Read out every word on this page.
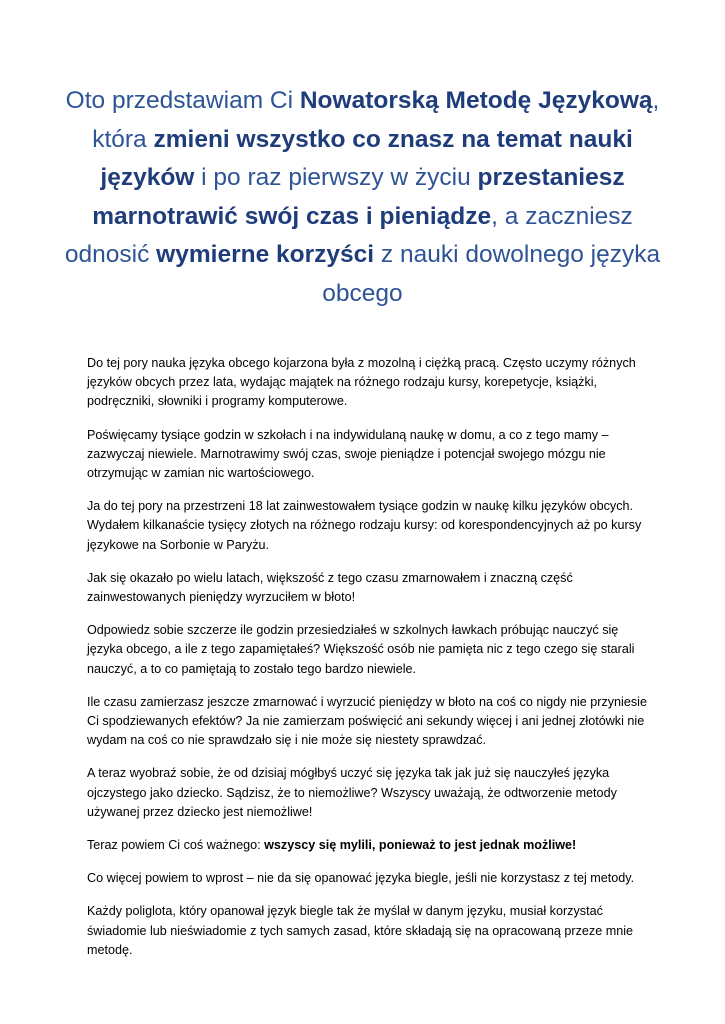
Oto przedstawiam Ci Nowatorską Metodę Językową, która zmieni wszystko co znasz na temat nauki języków i po raz pierwszy w życiu przestaniesz marnotrawić swój czas i pieniądze, a zaczniesz odnosić wymierne korzyści z nauki dowolnego języka obcego

Do tej pory nauka języka obcego kojarzona była z mozolną i ciężką pracą. Często uczymy różnych języków obcych przez lata, wydając majątek na różnego rodzaju kursy, korepetycje, książki, podręczniki, słowniki i programy komputerowe.

Poświęcamy tysiące godzin w szkołach i na indywidulaną naukę w domu, a co z tego mamy – zazwyczaj niewiele. Marnotrawimy swój czas, swoje pieniądze i potencjał swojego mózgu nie otrzymując w zamian nic wartościowego.

Ja do tej pory na przestrzeni 18 lat zainwestowałem tysiące godzin w naukę kilku języków obcych. Wydałem kilkanaście tysięcy złotych na różnego rodzaju kursy: od korespondencyjnych aż po kursy językowe na Sorbonie w Paryżu.

Jak się okazało po wielu latach, większość z tego czasu zmarnowałem i znaczną część zainwestowanych pieniędzy wyrzuciłem w błoto!

Odpowiedz sobie szczerze ile godzin przesiedziałeś w szkolnych ławkach próbując nauczyć się języka obcego, a ile z tego zapamiętałeś? Większość osób nie pamięta nic z tego czego się starali nauczyć, a to co pamiętają to zostało tego bardzo niewiele.

Ile czasu zamierzasz jeszcze zmarnować i wyrzucić pieniędzy w błoto na coś co nigdy nie przyniesie Ci spodziewanych efektów? Ja nie zamierzam poświęcić ani sekundy więcej i ani jednej złotówki nie wydam na coś co nie sprawdzało się i nie może się niestety sprawdzać.

A teraz wyobraź sobie, że od dzisiaj mógłbyś uczyć się języka tak jak już się nauczyłeś języka ojczystego jako dziecko. Sądzisz, że to niemożliwe? Wszyscy uważają, że odtworzenie metody używanej przez dziecko jest niemożliwe!

Teraz powiem Ci coś ważnego: wszyscy się mylili, ponieważ to jest jednak możliwe!

Co więcej powiem to wprost – nie da się opanować języka biegle, jeśli nie korzystasz z tej metody.

Każdy poliglota, który opanował język biegle tak że myślał w danym języku, musiał korzystać świadomie lub nieświadomie z tych samych zasad, które składają się na opracowaną przeze mnie metodę.
